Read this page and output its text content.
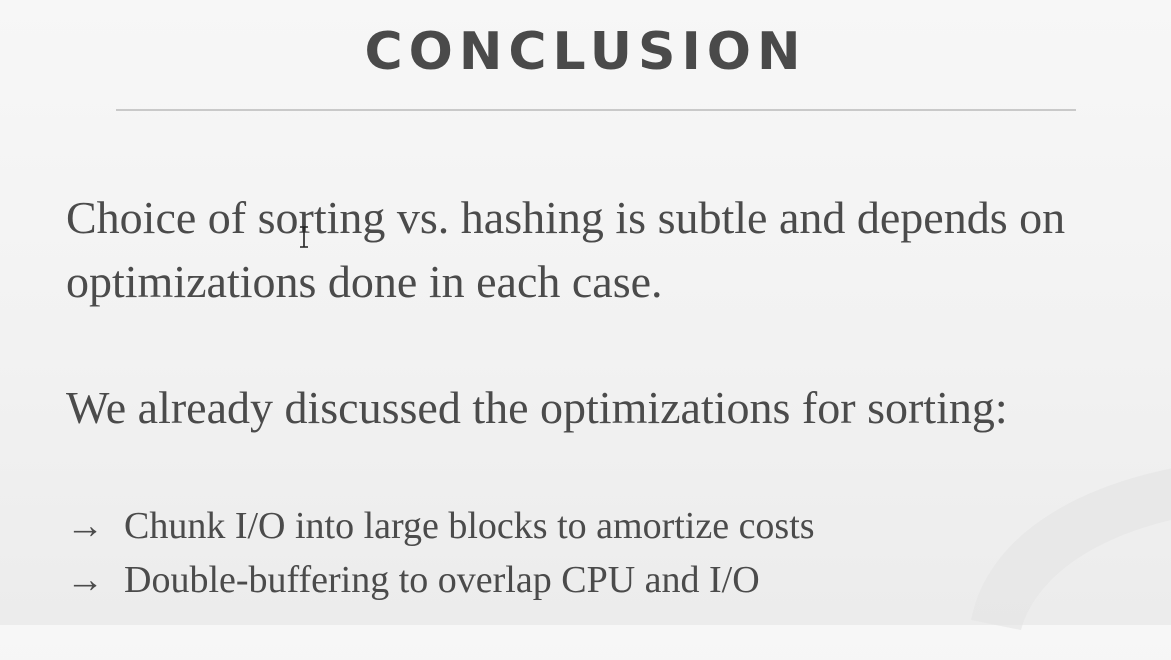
CONCLUSION
Choice of sorting vs. hashing is subtle and depends on optimizations done in each case.
We already discussed the optimizations for sorting:
→ Chunk I/O into large blocks to amortize costs
→ Double-buffering to overlap CPU and I/O
